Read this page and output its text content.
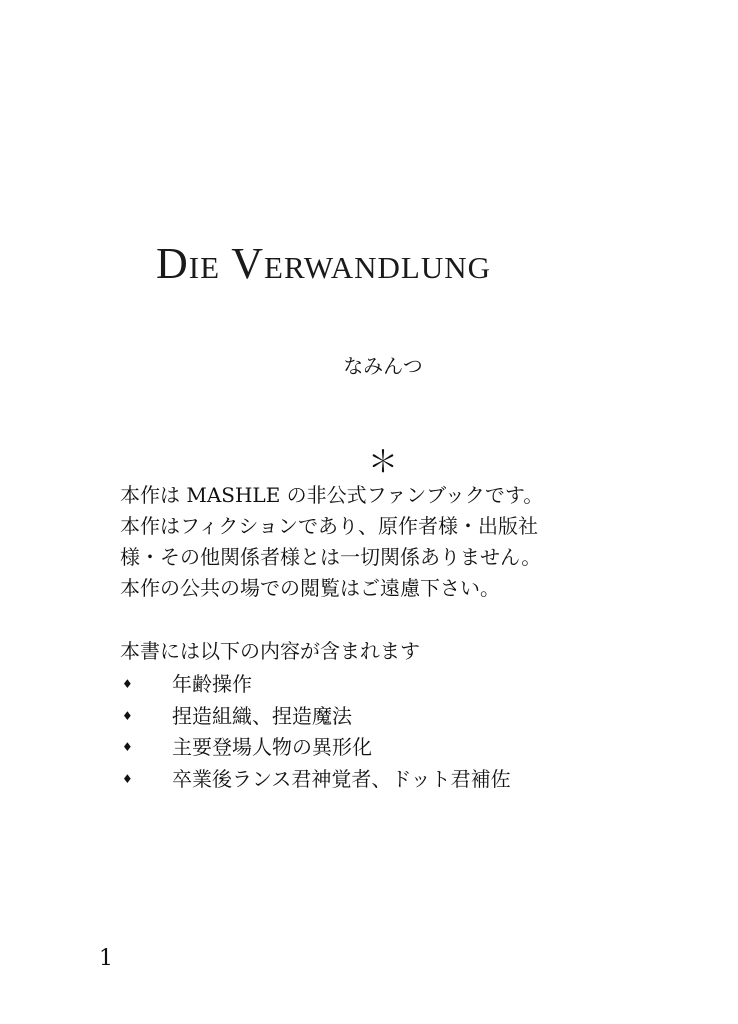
Die Verwandlung
なみんつ
＊

本作は MASHLE の非公式ファンブックです。

本作はフィクションであり、原作者様・出版社

様・その他関係者様とは一切関係ありません。

本作の公共の場での閲覧はご遠慮下さい。

本書には以下の内容が含まれます

♦ 年齢操作
♦ 捏造組織、捏造魔法
♦ 主要登場人物の異形化
♦ 卒業後ランス君神覚者、ドット君補佐
1
